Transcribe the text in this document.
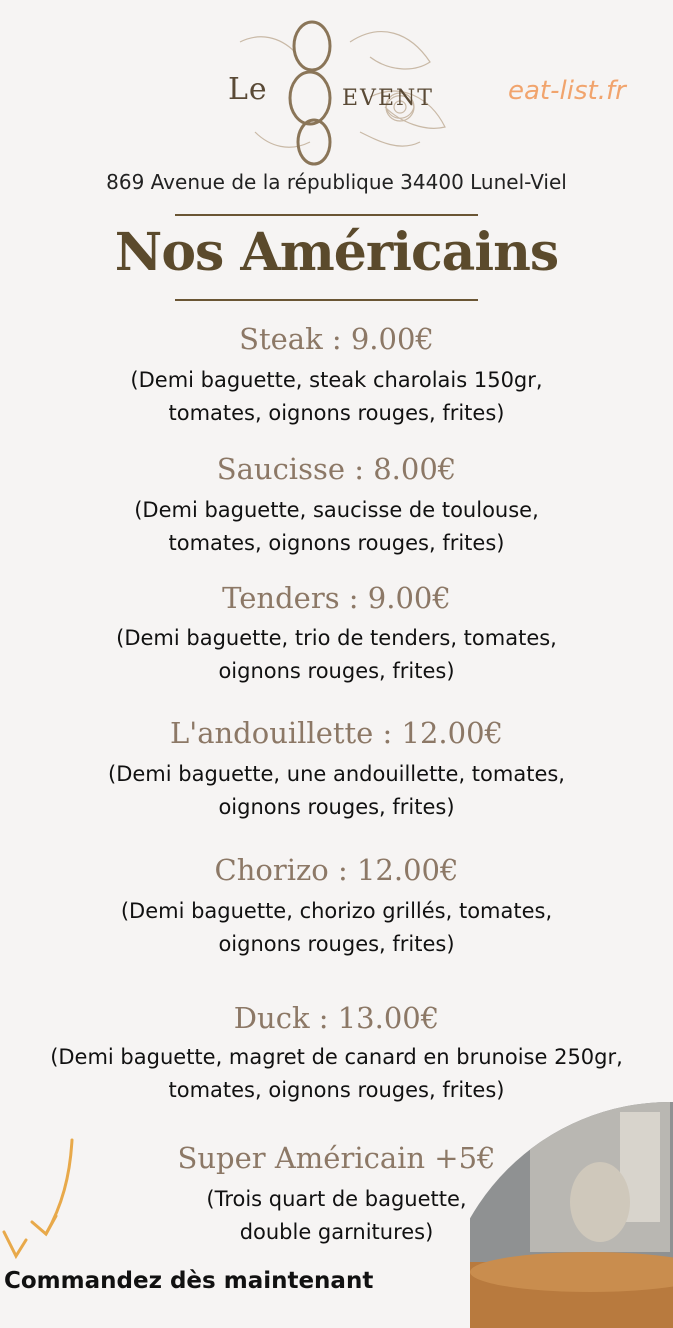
Le	EVENT	eat-list.fr
869 Avenue de la république 34400 Lunel-Viel
Nos Américains
Steak : 9.00€
(Demi baguette, steak charolais 150gr,
tomates, oignons rouges, frites)
Saucisse : 8.00€
(Demi baguette, saucisse de toulouse,
tomates, oignons rouges, frites)
Tenders : 9.00€
(Demi baguette, trio de tenders, tomates,
oignons rouges, frites)
L'andouillette : 12.00€
(Demi baguette, une andouillette, tomates,
oignons rouges, frites)
Chorizo : 12.00€
(Demi baguette, chorizo grillés, tomates,
oignons rouges, frites)
Duck : 13.00€
(Demi baguette, magret de canard en brunoise 250gr,
tomates, oignons rouges, frites)
Super Américain +5€
(Trois quart de baguette,
double garnitures)
Commandez dès maintenant
